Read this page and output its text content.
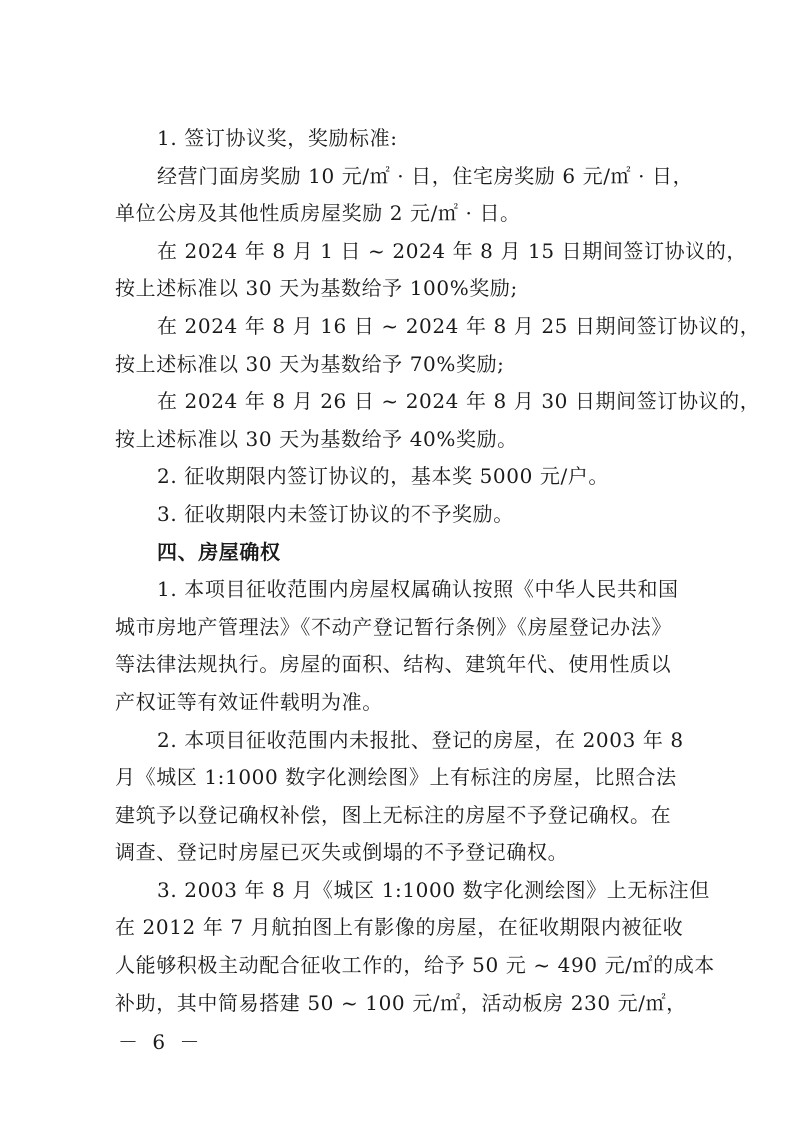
1. 签订协议奖，奖励标准:
经营门面房奖励 10 元/㎡ · 日，住宅房奖励 6 元/㎡ · 日，
单位公房及其他性质房屋奖励 2 元/㎡ · 日。
在 2024 年 8 月 1 日 ~ 2024 年 8 月 15 日期间签订协议的，
按上述标准以 30 天为基数给予 100%奖励;
在 2024 年 8 月 16 日 ~ 2024 年 8 月 25 日期间签订协议的，
按上述标准以 30 天为基数给予 70%奖励;
在 2024 年 8 月 26 日 ~ 2024 年 8 月 30 日期间签订协议的，
按上述标准以 30 天为基数给予 40%奖励。
2. 征收期限内签订协议的，基本奖 5000 元/户。
3. 征收期限内未签订协议的不予奖励。
四、房屋确权
1. 本项目征收范围内房屋权属确认按照《中华人民共和国
城市房地产管理法》《不动产登记暂行条例》《房屋登记办法》
等法律法规执行。房屋的面积、结构、建筑年代、使用性质以
产权证等有效证件载明为准。
2. 本项目征收范围内未报批、登记的房屋，在 2003 年 8
月《城区 1:1000 数字化测绘图》上有标注的房屋，比照合法
建筑予以登记确权补偿，图上无标注的房屋不予登记确权。在
调查、登记时房屋已灭失或倒塌的不予登记确权。
3. 2003 年 8 月《城区 1:1000 数字化测绘图》上无标注但
在 2012 年 7 月航拍图上有影像的房屋，在征收期限内被征收
人能够积极主动配合征收工作的，给予 50 元 ~ 490 元/㎡的成本
补助，其中简易搭建 50 ~ 100 元/㎡，活动板房 230 元/㎡，
－ 6 －
